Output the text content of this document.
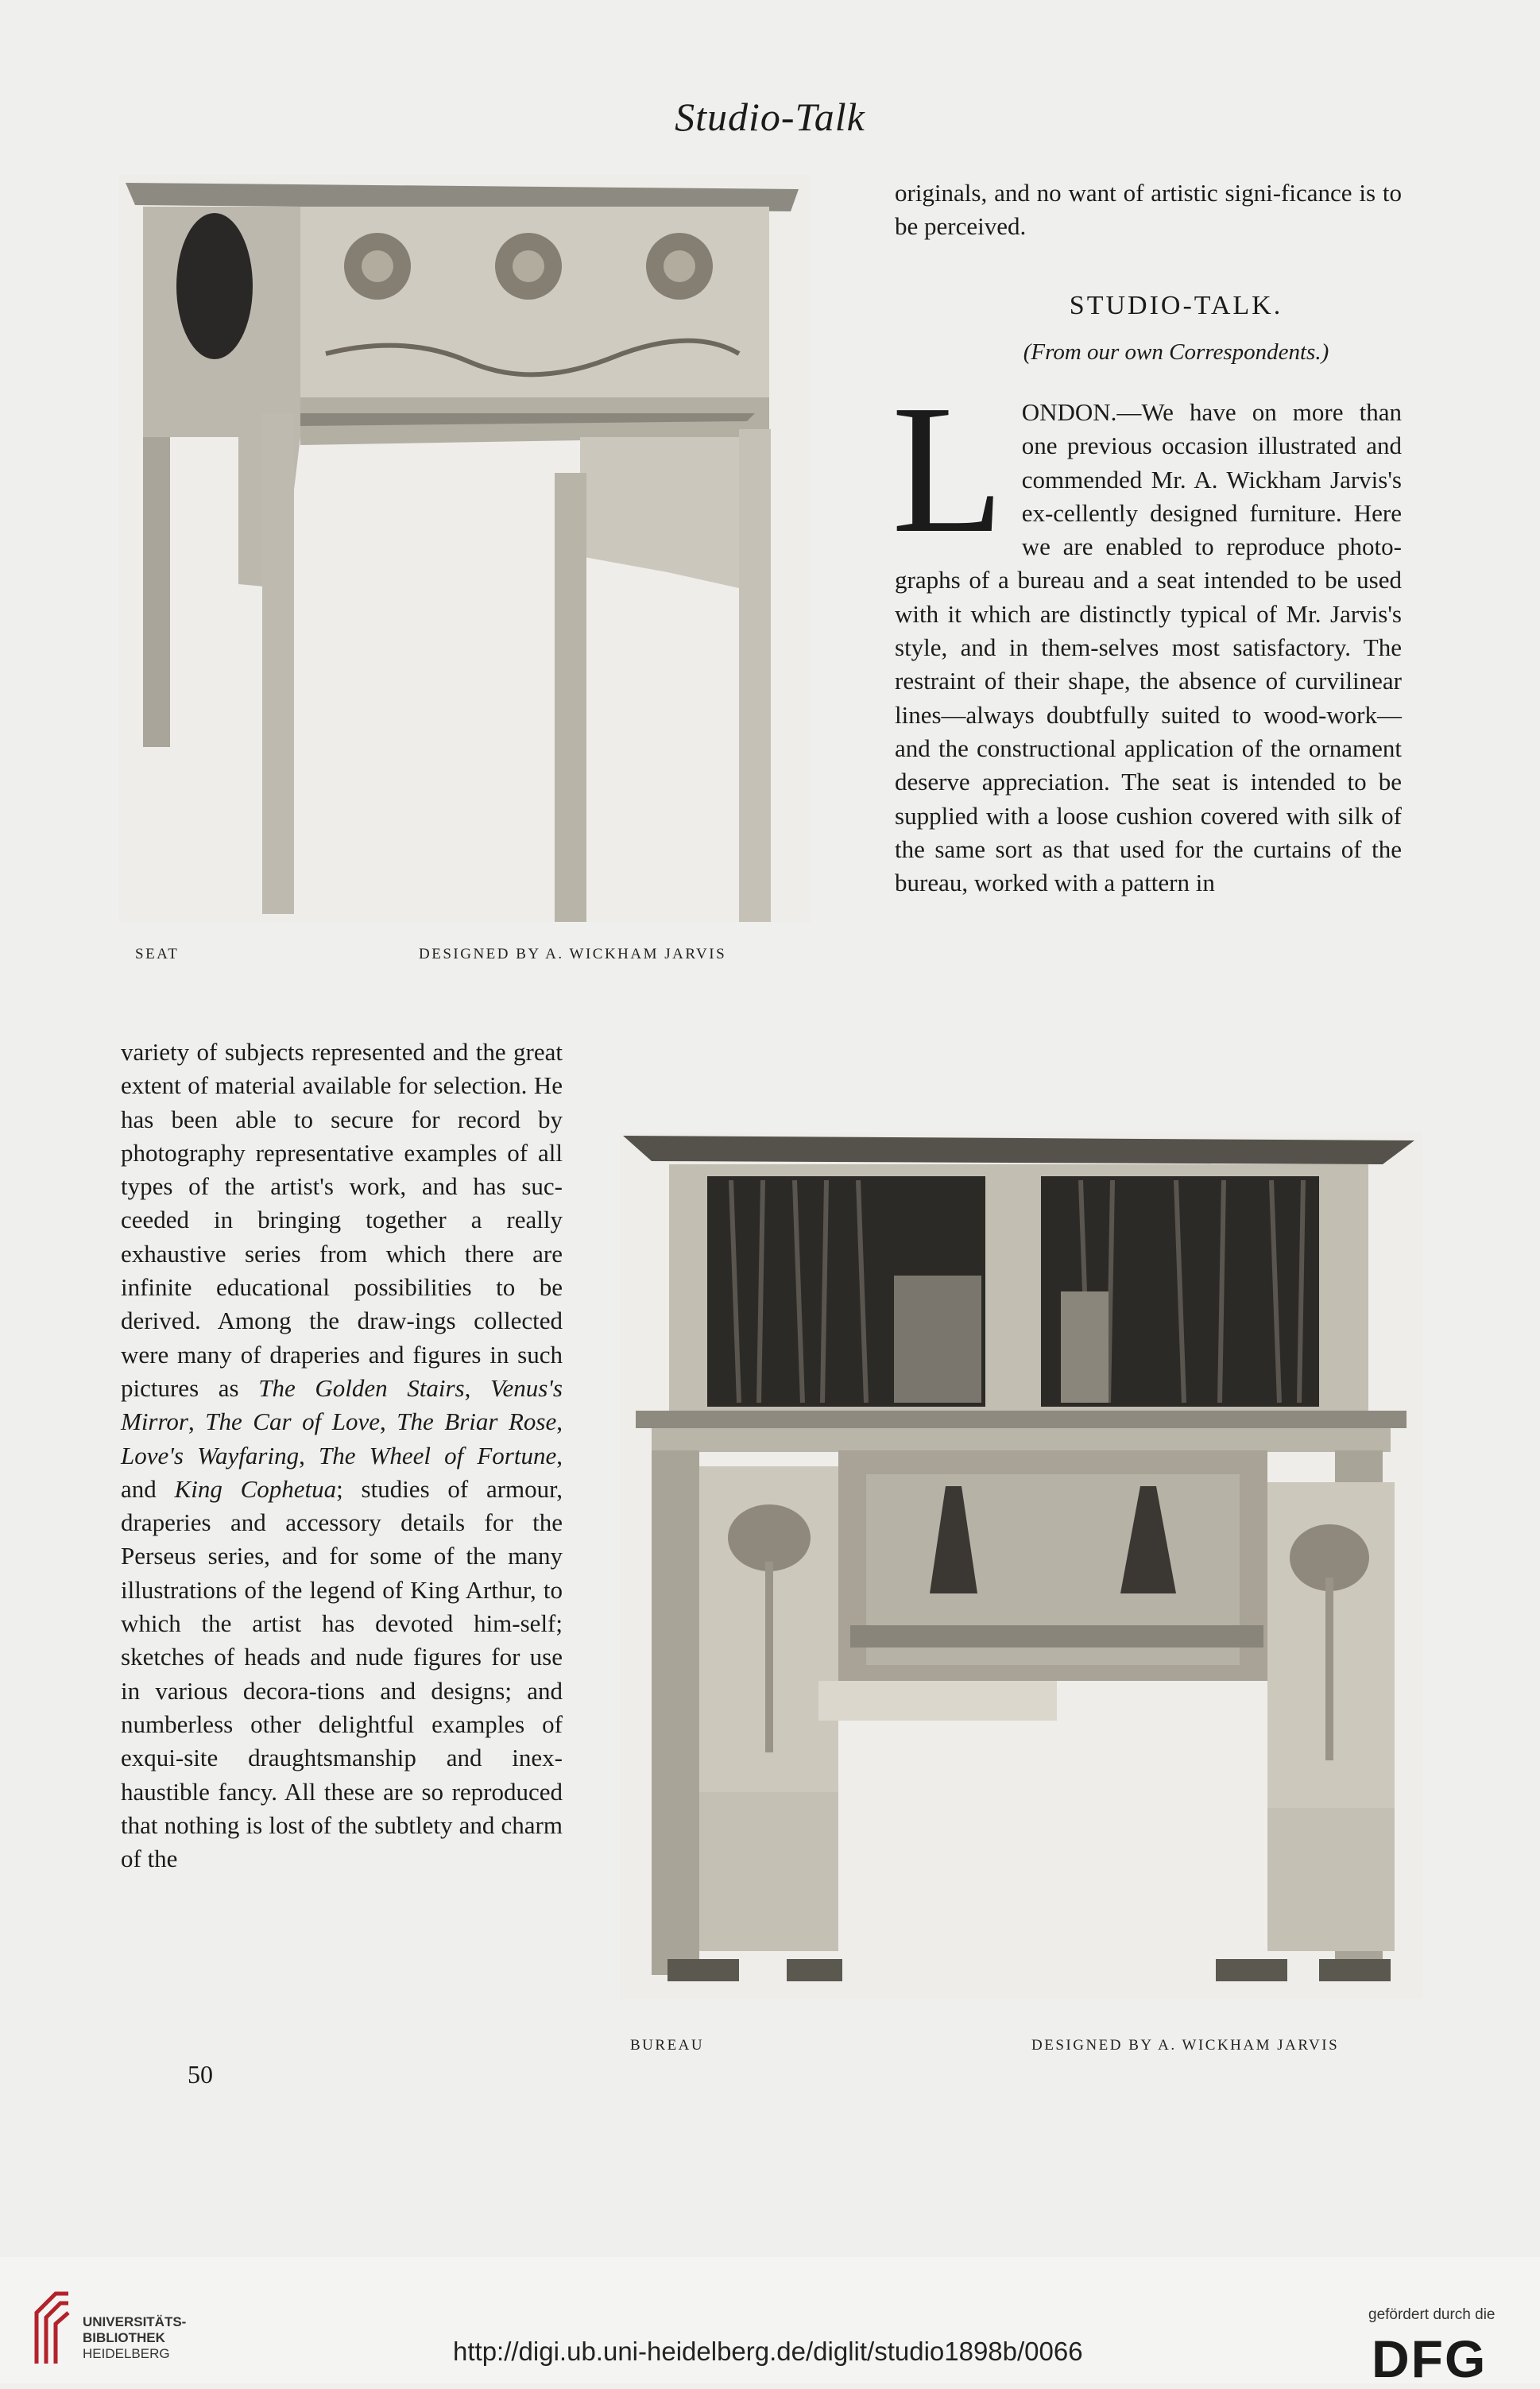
Studio-Talk
SEAT	DESIGNED BY A. WICKHAM JARVIS
originals, and no want of artistic signi-ficance is to be perceived.
STUDIO-TALK.
(From our own Correspondents.)
LONDON.—We have on more than one previous occasion illustrated and commended Mr. A. Wickham Jarvis's ex-cellently designed furniture. Here we are enabled to reproduce photo-graphs of a bureau and a seat intended to be used with it which are distinctly typical of Mr. Jarvis's style, and in them-selves most satisfactory. The restraint of their shape, the absence of curvilinear lines—always doubtfully suited to wood-work—and the constructional application of the ornament deserve appreciation. The seat is intended to be supplied with a loose cushion covered with silk of the same sort as that used for the curtains of the bureau, worked with a pattern in
variety of subjects represented and the great extent of material available for selection. He has been able to secure for record by photography representative examples of all types of the artist's work, and has suc-ceeded in bringing together a really exhaustive series from which there are infinite educational possibilities to be derived. Among the draw-ings collected were many of draperies and figures in such pictures as The Golden Stairs, Venus's Mirror, The Car of Love, The Briar Rose, Love's Wayfaring, The Wheel of Fortune, and King Cophetua; studies of armour, draperies and accessory details for the Perseus series, and for some of the many illustrations of the legend of King Arthur, to which the artist has devoted him-self; sketches of heads and nude figures for use in various decora-tions and designs; and numberless other delightful examples of exqui-site draughtsmanship and inex-haustible fancy. All these are so reproduced that nothing is lost of the subtlety and charm of the
BUREAU	DESIGNED BY A. WICKHAM JARVIS
50
UNIVERSITÄTS-
BIBLIOTHEK
HEIDELBERG	http://digi.ub.uni-heidelberg.de/diglit/studio1898b/0066
gefördert durch die
DFG
